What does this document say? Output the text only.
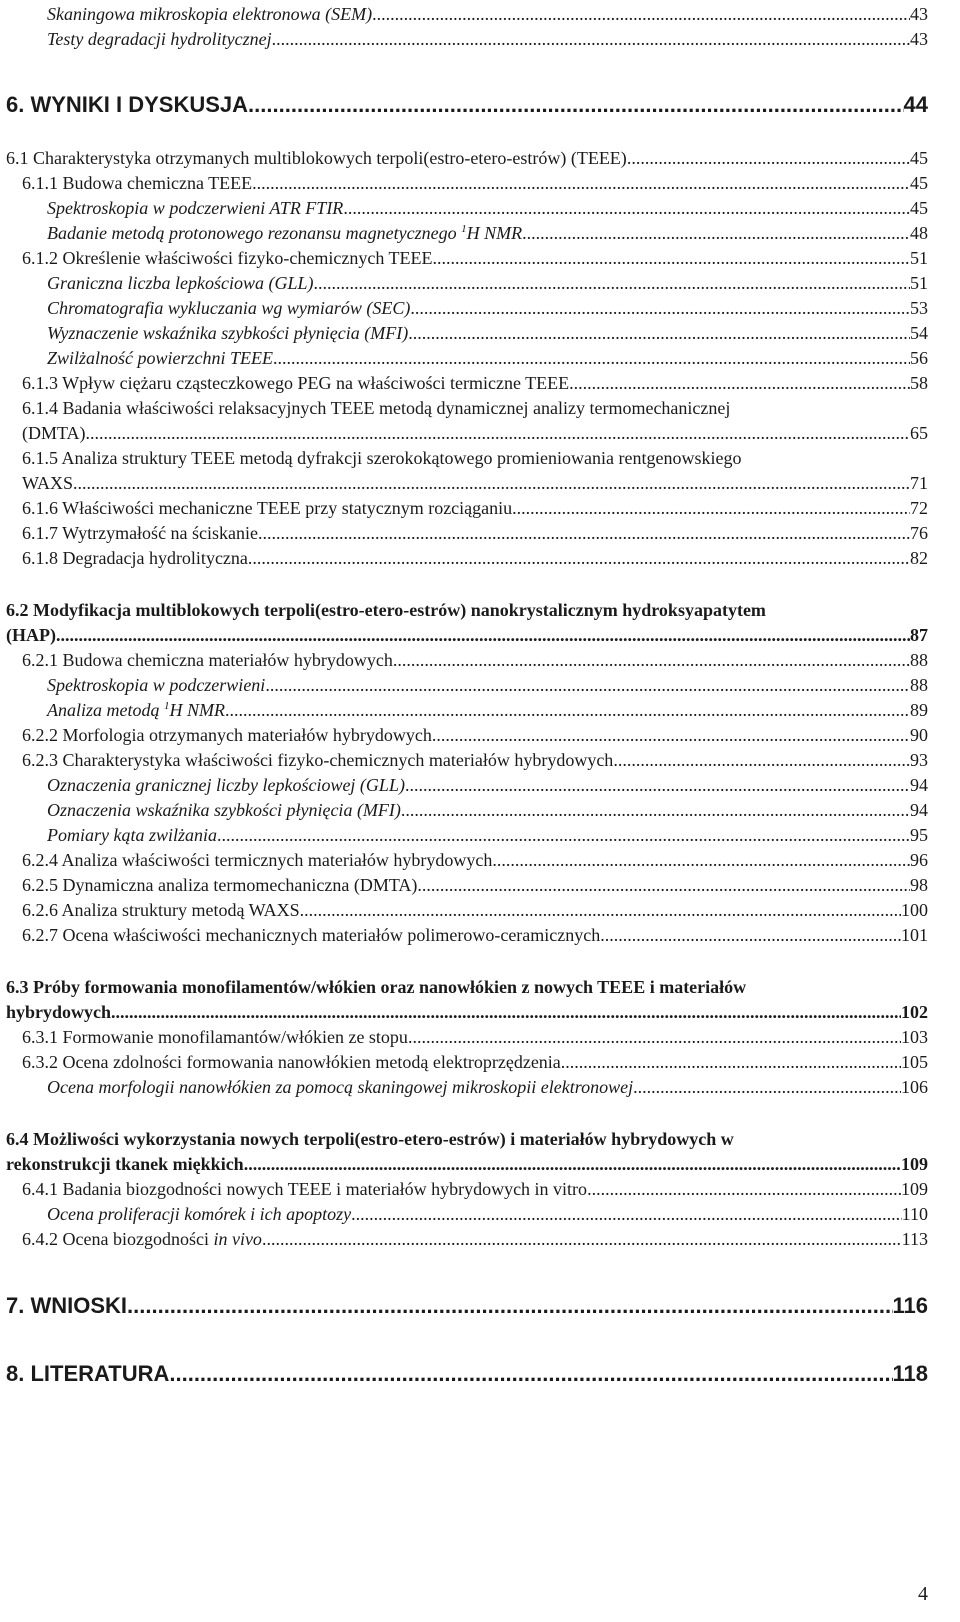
Skaningowa mikroskopia elektronowa (SEM) .....	43
Testy degradacji hydrolitycznej .....	43
6. WYNIKI I DYSKUSJA .....	44
6.1 Charakterystyka otrzymanych multiblokowych terpoli(estro-etero-estrów) (TEEE) .....	45
6.1.1 Budowa chemiczna TEEE .....	45
Spektroskopia w podczerwieni ATR FTIR .....	45
Badanie metodą protonowego rezonansu magnetycznego $^1$H NMR .....	48
6.1.2 Określenie właściwości fizyko-chemicznych TEEE .....	51
Graniczna liczba lepkościowa (GLL) .....	51
Chromatografia wykluczania wg wymiarów (SEC) .....	53
Wyznaczenie wskaźnika szybkości płynięcia (MFI) .....	54
Zwilżalność powierzchni TEEE .....	56
6.1.3 Wpływ ciężaru cząsteczkowego PEG na właściwości termiczne TEEE .....	58
6.1.4 Badania właściwości relaksacyjnych TEEE metodą dynamicznej analizy termomechanicznej
(DMTA) .....	65
6.1.5 Analiza struktury TEEE metodą dyfrakcji szerokokątowego promieniowania rentgenowskiego
WAXS .....	71
6.1.6 Właściwości mechaniczne TEEE przy statycznym rozciąganiu .....	72
6.1.7 Wytrzymałość na ściskanie .....	76
6.1.8 Degradacja hydrolityczna .....	82
6.2 Modyfikacja multiblokowych terpoli(estro-etero-estrów) nanokrystalicznym hydroksyapatytem
(HAP) .....	87
6.2.1 Budowa chemiczna materiałów hybrydowych .....	88
Spektroskopia w podczerwieni .....	88
Analiza metodą $^1$H NMR .....	89
6.2.2 Morfologia otrzymanych materiałów hybrydowych .....	90
6.2.3 Charakterystyka właściwości fizyko-chemicznych materiałów hybrydowych .....	93
Oznaczenia granicznej liczby lepkościowej (GLL) .....	94
Oznaczenia wskaźnika szybkości płynięcia (MFI) .....	94
Pomiary kąta zwilżania .....	95
6.2.4 Analiza właściwości termicznych materiałów hybrydowych .....	96
6.2.5 Dynamiczna analiza termomechaniczna (DMTA) .....	98
6.2.6 Analiza struktury metodą WAXS .....	100
6.2.7 Ocena właściwości mechanicznych materiałów polimerowo-ceramicznych .....	101
6.3 Próby formowania monofilamentów/włókien oraz nanowłókien z nowych TEEE i materiałów
hybrydowych .....	102
6.3.1 Formowanie monofilamantów/włókien ze stopu .....	103
6.3.2 Ocena zdolności formowania nanowłókien metodą elektroprzędzenia .....	105
Ocena morfologii nanowłókien za pomocą skaningowej mikroskopii elektronowej .....	106
6.4 Możliwości wykorzystania nowych terpoli(estro-etero-estrów) i materiałów hybrydowych w
rekonstrukcji tkanek miękkich .....	109
6.4.1 Badania biozgodności nowych TEEE i materiałów hybrydowych in vitro .....	109
Ocena proliferacji komórek i ich apoptozy .....	110
6.4.2 Ocena biozgodności in vivo .....	113
7. WNIOSKI .....	116
8. LITERATURA .....	118
4
